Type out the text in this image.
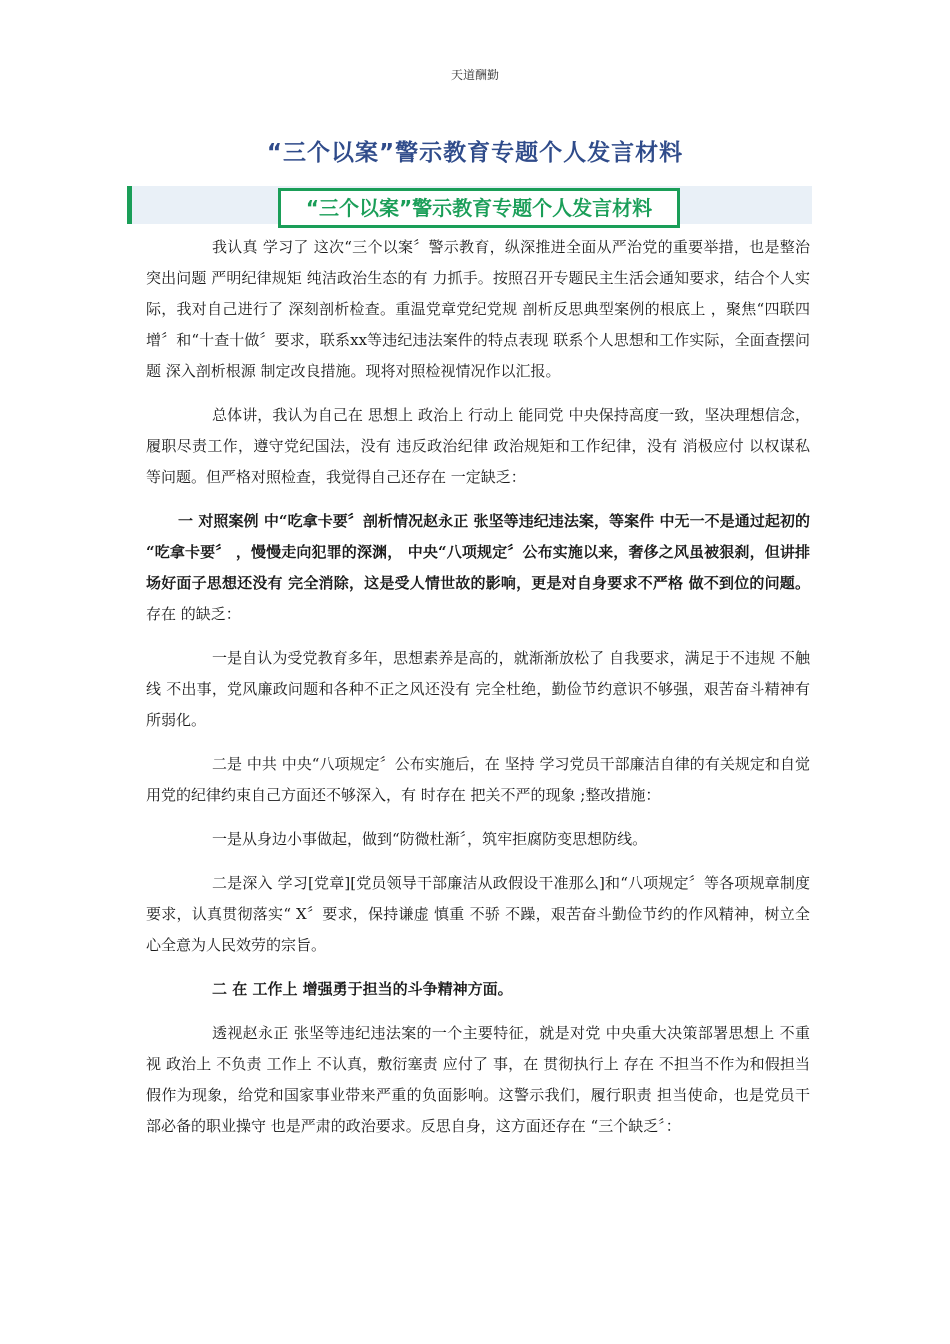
天道酬勤
“三个以案”警示教育专题个人发言材料
“三个以案”警示教育专题个人发言材料

我认真 学习了 这次“三个以案〞警示教育，纵深推进全面从严治党的重要举措，也是整治突出问题 严明纪律规矩 纯洁政治生态的有 力抓手。按照召开专题民主生活会通知要求，结合个人实际，我对自己进行了 深刻剖析检查。重温党章党纪党规 剖析反思典型案例的根底上 ，聚焦“四联四增〞和“十查十做〞要求，联系xx等违纪违法案件的特点表现 联系个人思想和工作实际，全面查摆问题 深入剖析根源 制定改良措施。现将对照检视情况作以汇报。

总体讲，我认为自己在 思想上 政治上 行动上 能同党 中央保持高度一致，坚决理想信念，履职尽责工作，遵守党纪国法，没有 违反政治纪律 政治规矩和工作纪律，没有 消极应付 以权谋私等问题。但严格对照检查，我觉得自己还存在 一定缺乏：

一 对照案例 中“吃拿卡要〞剖析情况赵永正 张坚等违纪违法案，等案件 中无一不是通过起初的 “吃拿卡要〞 ，慢慢走向犯罪的深渊， 中央“八项规定〞公布实施以来，奢侈之风虽被狠刹，但讲排场好面子思想还没有 完全消除，这是受人情世故的影响，更是对自身要求不严格 做不到位的问题。存在 的缺乏：

一是自认为受党教育多年，思想素养是高的，就渐渐放松了 自我要求，满足于不违规 不触线 不出事，党风廉政问题和各种不正之风还没有 完全杜绝，勤俭节约意识不够强，艰苦奋斗精神有 所弱化。

二是 中共 中央“八项规定〞公布实施后，在 坚持 学习党员干部廉洁自律的有关规定和自觉用党的纪律约束自己方面还不够深入，有 时存在 把关不严的现象 ;整改措施：

一是从身边小事做起，做到“防微杜渐〞，筑牢拒腐防变思想防线。

二是深入 学习[党章][党员领导干部廉洁从政假设干准那么]和“八项规定〞等各项规章制度要求，认真贯彻落实“ X〞要求，保持谦虚 慎重 不骄 不躁，艰苦奋斗勤俭节约的作风精神，树立全心全意为人民效劳的宗旨。

二 在 工作上 增强勇于担当的斗争精神方面。

透视赵永正 张坚等违纪违法案的一个主要特征，就是对党 中央重大决策部署思想上 不重视 政治上 不负责 工作上 不认真，敷衍塞责 应付了 事，在 贯彻执行上 存在 不担当不作为和假担当假作为现象，给党和国家事业带来严重的负面影响。这警示我们，履行职责 担当使命，也是党员干部必备的职业操守 也是严肃的政治要求。反思自身，这方面还存在 “三个缺乏〞：
